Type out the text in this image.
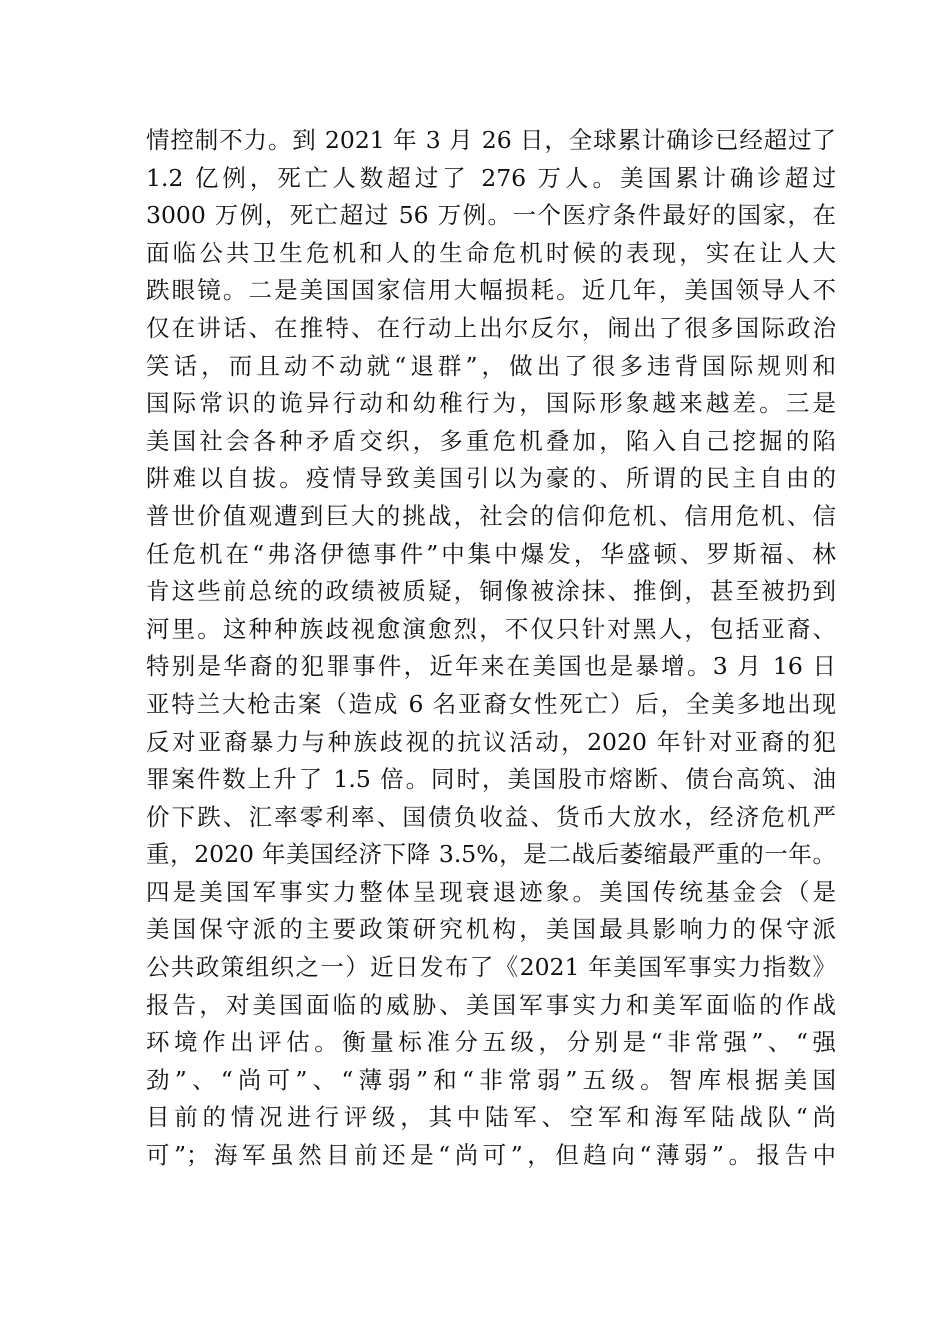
情控制不力。到 2021 年 3 月 26 日，全球累计确诊已经超过了
1.2 亿例，死亡人数超过了 276 万人。美国累计确诊超过
3000 万例，死亡超过 56 万例。一个医疗条件最好的国家，在
面临公共卫生危机和人的生命危机时候的表现，实在让人大
跌眼镜。二是美国国家信用大幅损耗。近几年，美国领导人不
仅在讲话、在推特、在行动上出尔反尔，闹出了很多国际政治
笑话，而且动不动就“退群”，做出了很多违背国际规则和
国际常识的诡异行动和幼稚行为，国际形象越来越差。三是
美国社会各种矛盾交织，多重危机叠加，陷入自己挖掘的陷
阱难以自拔。疫情导致美国引以为豪的、所谓的民主自由的
普世价值观遭到巨大的挑战，社会的信仰危机、信用危机、信
任危机在“弗洛伊德事件”中集中爆发，华盛顿、罗斯福、林
肯这些前总统的政绩被质疑，铜像被涂抹、推倒，甚至被扔到
河里。这种种族歧视愈演愈烈，不仅只针对黑人，包括亚裔、
特别是华裔的犯罪事件，近年来在美国也是暴增。3 月 16 日
亚特兰大枪击案（造成 6 名亚裔女性死亡）后，全美多地出现
反对亚裔暴力与种族歧视的抗议活动，2020 年针对亚裔的犯
罪案件数上升了 1.5 倍。同时，美国股市熔断、债台高筑、油
价下跌、汇率零利率、国债负收益、货币大放水，经济危机严
重，2020 年美国经济下降 3.5%，是二战后萎缩最严重的一年。
四是美国军事实力整体呈现衰退迹象。美国传统基金会（是
美国保守派的主要政策研究机构，美国最具影响力的保守派
公共政策组织之一）近日发布了《2021 年美国军事实力指数》
报告，对美国面临的威胁、美国军事实力和美军面临的作战
环境作出评估。衡量标准分五级，分别是“非常强”、“强
劲”、“尚可”、“薄弱”和“非常弱”五级。智库根据美国
目前的情况进行评级，其中陆军、空军和海军陆战队“尚
可”；海军虽然目前还是“尚可”，但趋向“薄弱”。报告中
